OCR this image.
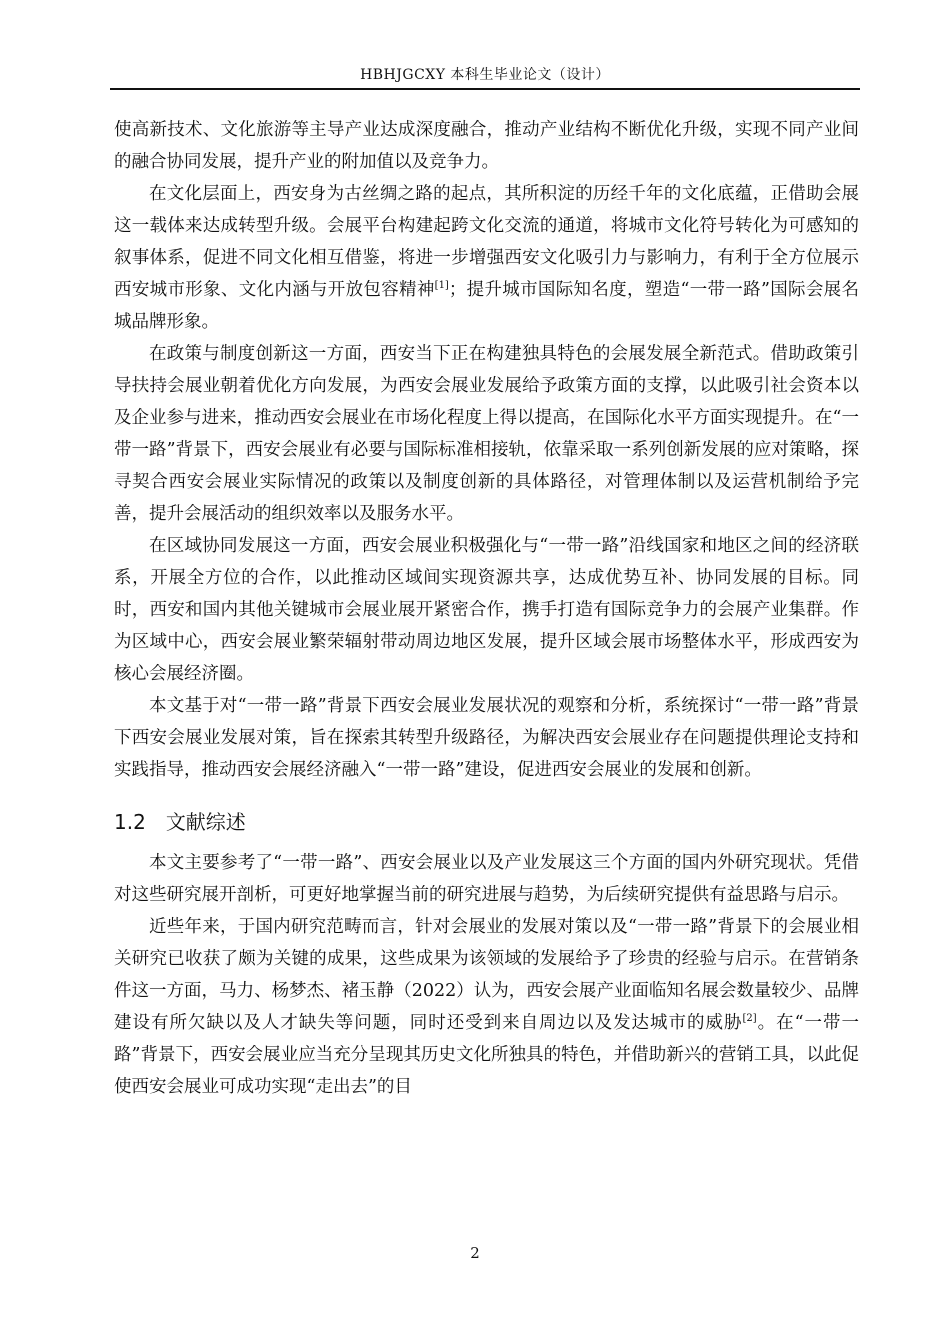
HBHJGCXY 本科生毕业论文（设计）

使高新技术、文化旅游等主导产业达成深度融合，推动产业结构不断优化升级，实现不同产业间的融合协同发展，提升产业的附加值以及竞争力。

在文化层面上，西安身为古丝绸之路的起点，其所积淀的历经千年的文化底蕴，正借助会展这一载体来达成转型升级。会展平台构建起跨文化交流的通道，将城市文化符号转化为可感知的叙事体系，促进不同文化相互借鉴，将进一步增强西安文化吸引力与影响力，有利于全方位展示西安城市形象、文化内涵与开放包容精神[1]；提升城市国际知名度，塑造“一带一路”国际会展名城品牌形象。

在政策与制度创新这一方面，西安当下正在构建独具特色的会展发展全新范式。借助政策引导扶持会展业朝着优化方向发展，为西安会展业发展给予政策方面的支撑，以此吸引社会资本以及企业参与进来，推动西安会展业在市场化程度上得以提高，在国际化水平方面实现提升。在“一带一路”背景下，西安会展业有必要与国际标准相接轨，依靠采取一系列创新发展的应对策略，探寻契合西安会展业实际情况的政策以及制度创新的具体路径，对管理体制以及运营机制给予完善，提升会展活动的组织效率以及服务水平。

在区域协同发展这一方面，西安会展业积极强化与“一带一路”沿线国家和地区之间的经济联系，开展全方位的合作，以此推动区域间实现资源共享，达成优势互补、协同发展的目标。同时，西安和国内其他关键城市会展业展开紧密合作，携手打造有国际竞争力的会展产业集群。作为区域中心，西安会展业繁荣辐射带动周边地区发展，提升区域会展市场整体水平，形成西安为核心会展经济圈。

本文基于对“一带一路”背景下西安会展业发展状况的观察和分析，系统探讨“一带一路”背景下西安会展业发展对策，旨在探索其转型升级路径，为解决西安会展业存在问题提供理论支持和实践指导，推动西安会展经济融入“一带一路”建设，促进西安会展业的发展和创新。

1.2 文献综述

本文主要参考了“一带一路”、西安会展业以及产业发展这三个方面的国内外研究现状。凭借对这些研究展开剖析，可更好地掌握当前的研究进展与趋势，为后续研究提供有益思路与启示。

近些年来，于国内研究范畴而言，针对会展业的发展对策以及“一带一路”背景下的会展业相关研究已收获了颇为关键的成果，这些成果为该领域的发展给予了珍贵的经验与启示。在营销条件这一方面，马力、杨梦杰、褚玉静（2022）认为，西安会展产业面临知名展会数量较少、品牌建设有所欠缺以及人才缺失等问题，同时还受到来自周边以及发达城市的威胁[2]。在“一带一路”背景下，西安会展业应当充分呈现其历史文化所独具的特色，并借助新兴的营销工具，以此促使西安会展业可成功实现“走出去”的目

2
